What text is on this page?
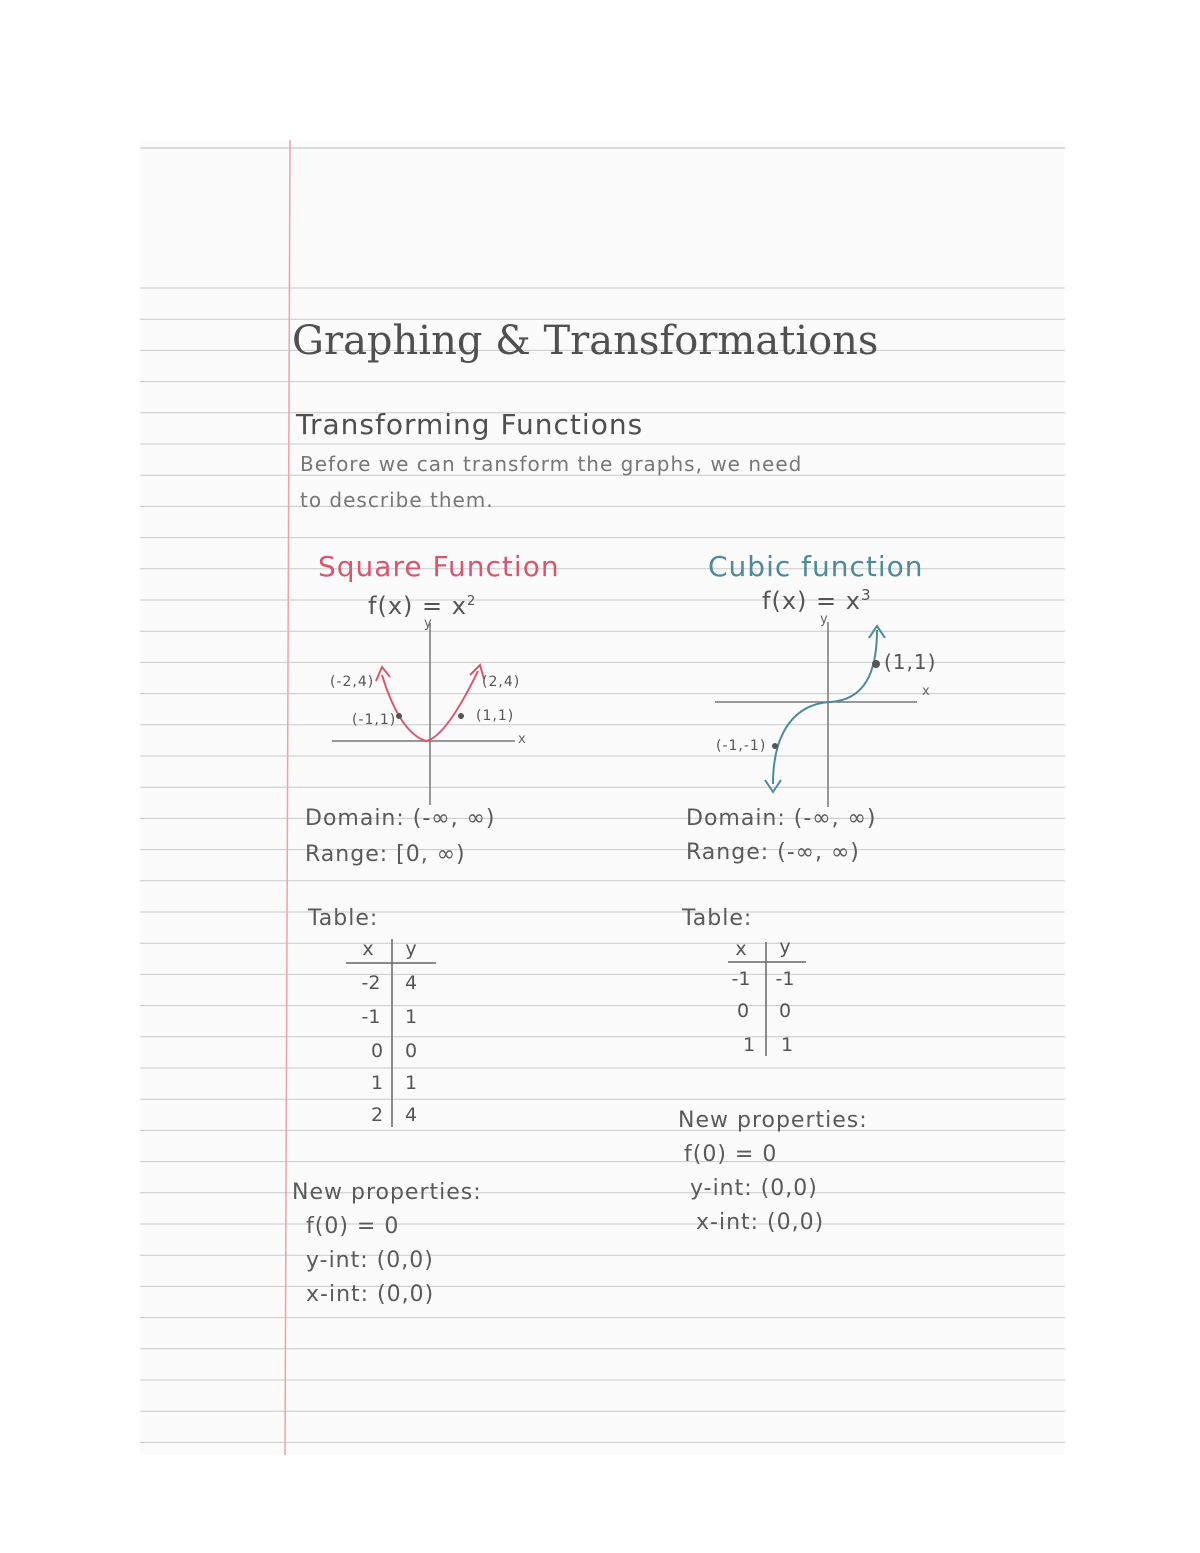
Graphing & Transformations
Transforming Functions
Before we can transform the graphs, we need
to describe them.
Square Function
$f(x) = x^2$
y
x
(-2,4)
(-1,1)
(2,4)
(1,1)
Domain: (-∞, ∞)
Range: [0, ∞)
Table:
x	y
-2	4
-1	1
0	0
1	1
2	4
New properties:
f(0) = 0
y-int: (0,0)
x-int: (0,0)
Cubic function
$f(x) = x^3$
y
x
(1,1)
(-1,-1)
Domain: (-∞, ∞)
Range: (-∞, ∞)
Table:
x	y
-1 -1
0	0
1	1
New properties:
f(0) = 0
y-int: (0,0)
x-int: (0,0)
